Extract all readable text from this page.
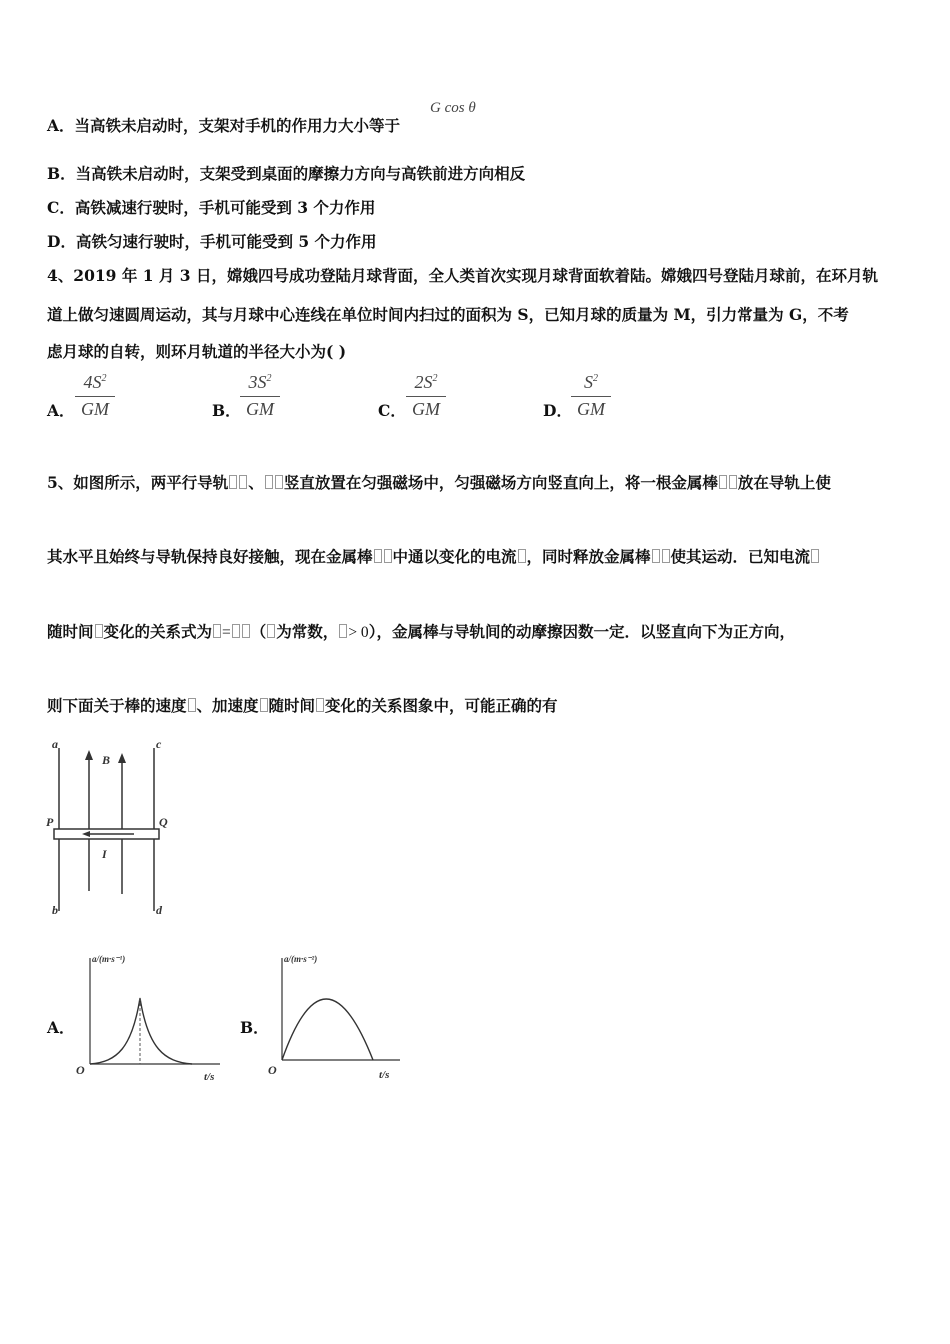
A．当高铁未启动时，支架对手机的作用力大小等于
G cos θ
B．当高铁未启动时，支架受到桌面的摩擦力方向与高铁前进方向相反
C．高铁减速行驶时，手机可能受到 3 个力作用
D．高铁匀速行驶时，手机可能受到 5 个力作用
4、2019 年 1 月 3 日，嫦娥四号成功登陆月球背面，全人类首次实现月球背面软着陆。嫦娥四号登陆月球前，在环月轨
道上做匀速圆周运动，其与月球中心连线在单位时间内扫过的面积为 S，已知月球的质量为 M，引力常量为 G，不考
虑月球的自转，则环月轨道的半径大小为( )
A．
$4S^2$
GM	B．
$3S^2$
GM	C．
$2S^2$
GM	D．
$S^2$
GM
5、如图所示，两平行导轨 、 竖直放置在匀强磁场中，匀强磁场方向竖直向上，将一根金属棒 放在导轨上使
其水平且始终与导轨保持良好接触，现在金属棒 中通以变化的电流 ，同时释放金属棒 使其运动．已知电流
随时间 变化的关系式为 = （ 为常数， > 0），金属棒与导轨间的动摩擦因数一定．以竖直向下为正方向，
则下面关于棒的速度 、加速度 随时间 变化的关系图象中，可能正确的有
a
b
c
d
B
P	Q
I
A．
a/(m·s⁻¹)
O	t/s
B．
a/(m·s⁻²)
O	t/s
